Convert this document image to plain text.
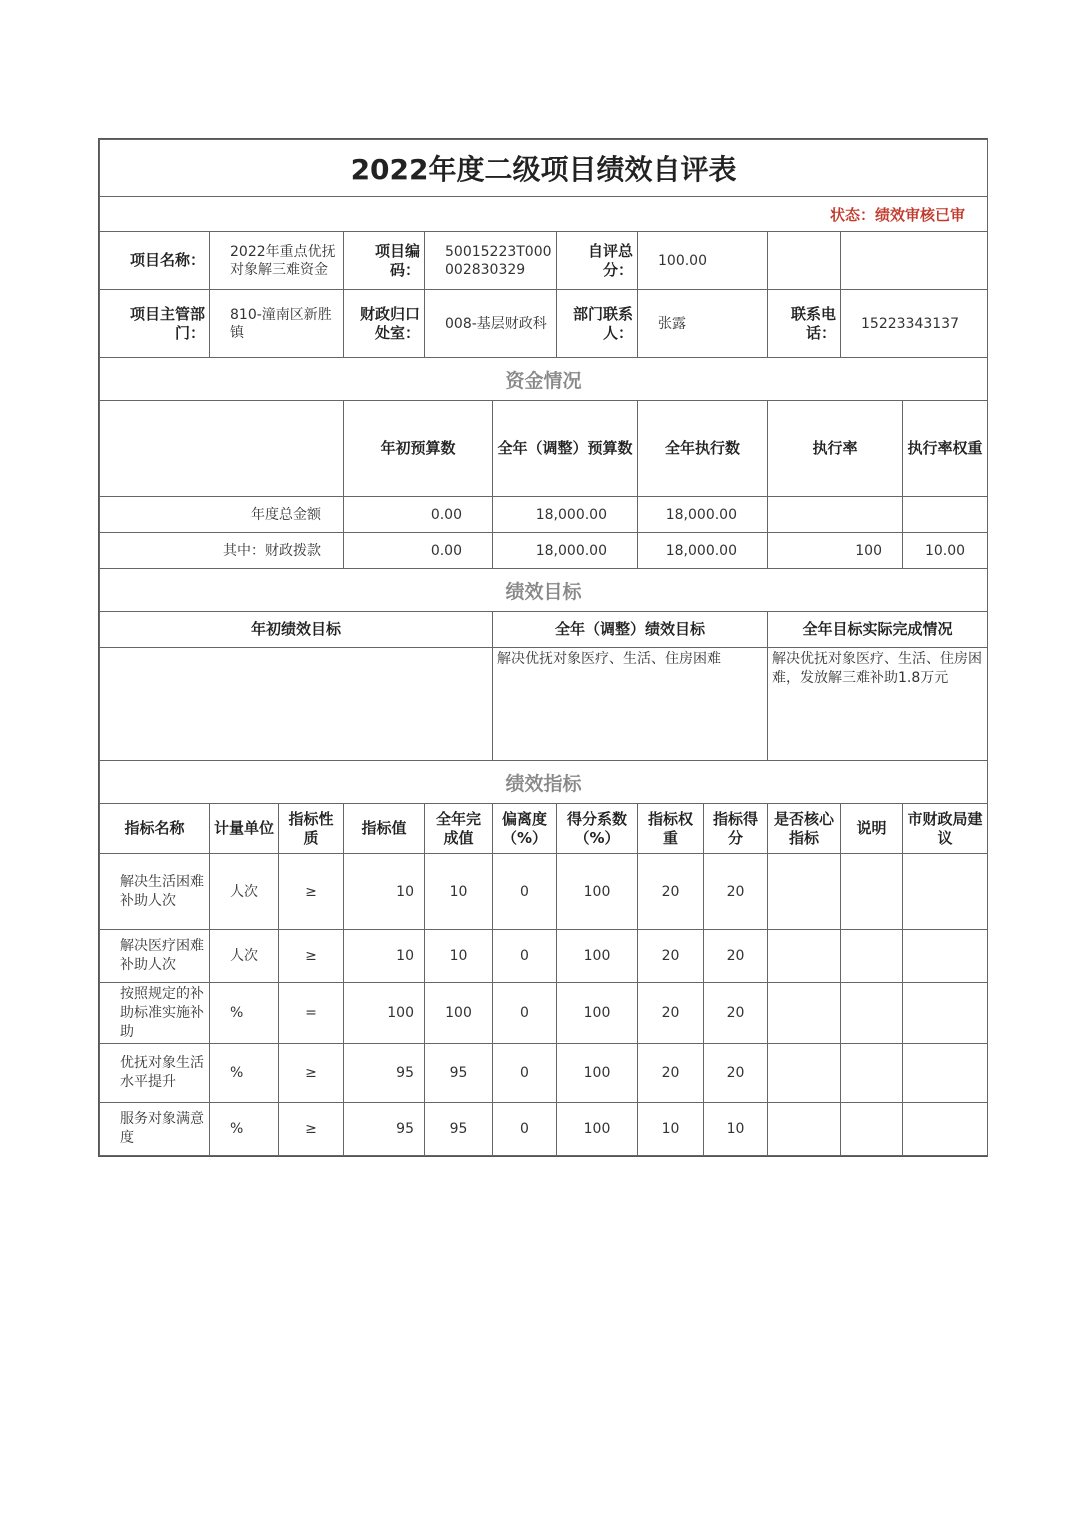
2022年度二级项目绩效自评表												
状态：绩效审核已审												
项目名称：	2022年重点优抚对象解三难资金		项目编码：	50015223T000002830329		自评总分：	100.00					
项目主管部门：	810-潼南区新胜镇		财政归口处室：	008-基层财政科		部门联系人：	张露		联系电话：	15223343137		
资金情况												
			年初预算数		全年（调整）预算数		全年执行数		执行率		执行率权重	
年度总金额			0.00		18,000.00		18,000.00					
其中：财政拨款			0.00		18,000.00		18,000.00		100		10.00	
绩效目标												
年初绩效目标					全年（调整）绩效目标				全年目标实际完成情况			
					解决优抚对象医疗、生活、住房困难				解决优抚对象医疗、生活、住房困难，发放解三难补助1.8万元			
绩效指标												
指标名称	计量单位	指标性质	指标值	全年完成值	偏离度（%）	得分系数（%）	指标权重	指标得分	是否核心指标	说明	市财政局建议	
解决生活困难补助人次	人次	≥	10	10	0	100	20	20				
解决医疗困难补助人次	人次	≥	10	10	0	100	20	20				
按照规定的补助标准实施补助	%	=	100	100	0	100	20	20				
优抚对象生活水平提升	%	≥	95	95	0	100	20	20				
服务对象满意度	%	≥	95	95	0	100	10	10				
